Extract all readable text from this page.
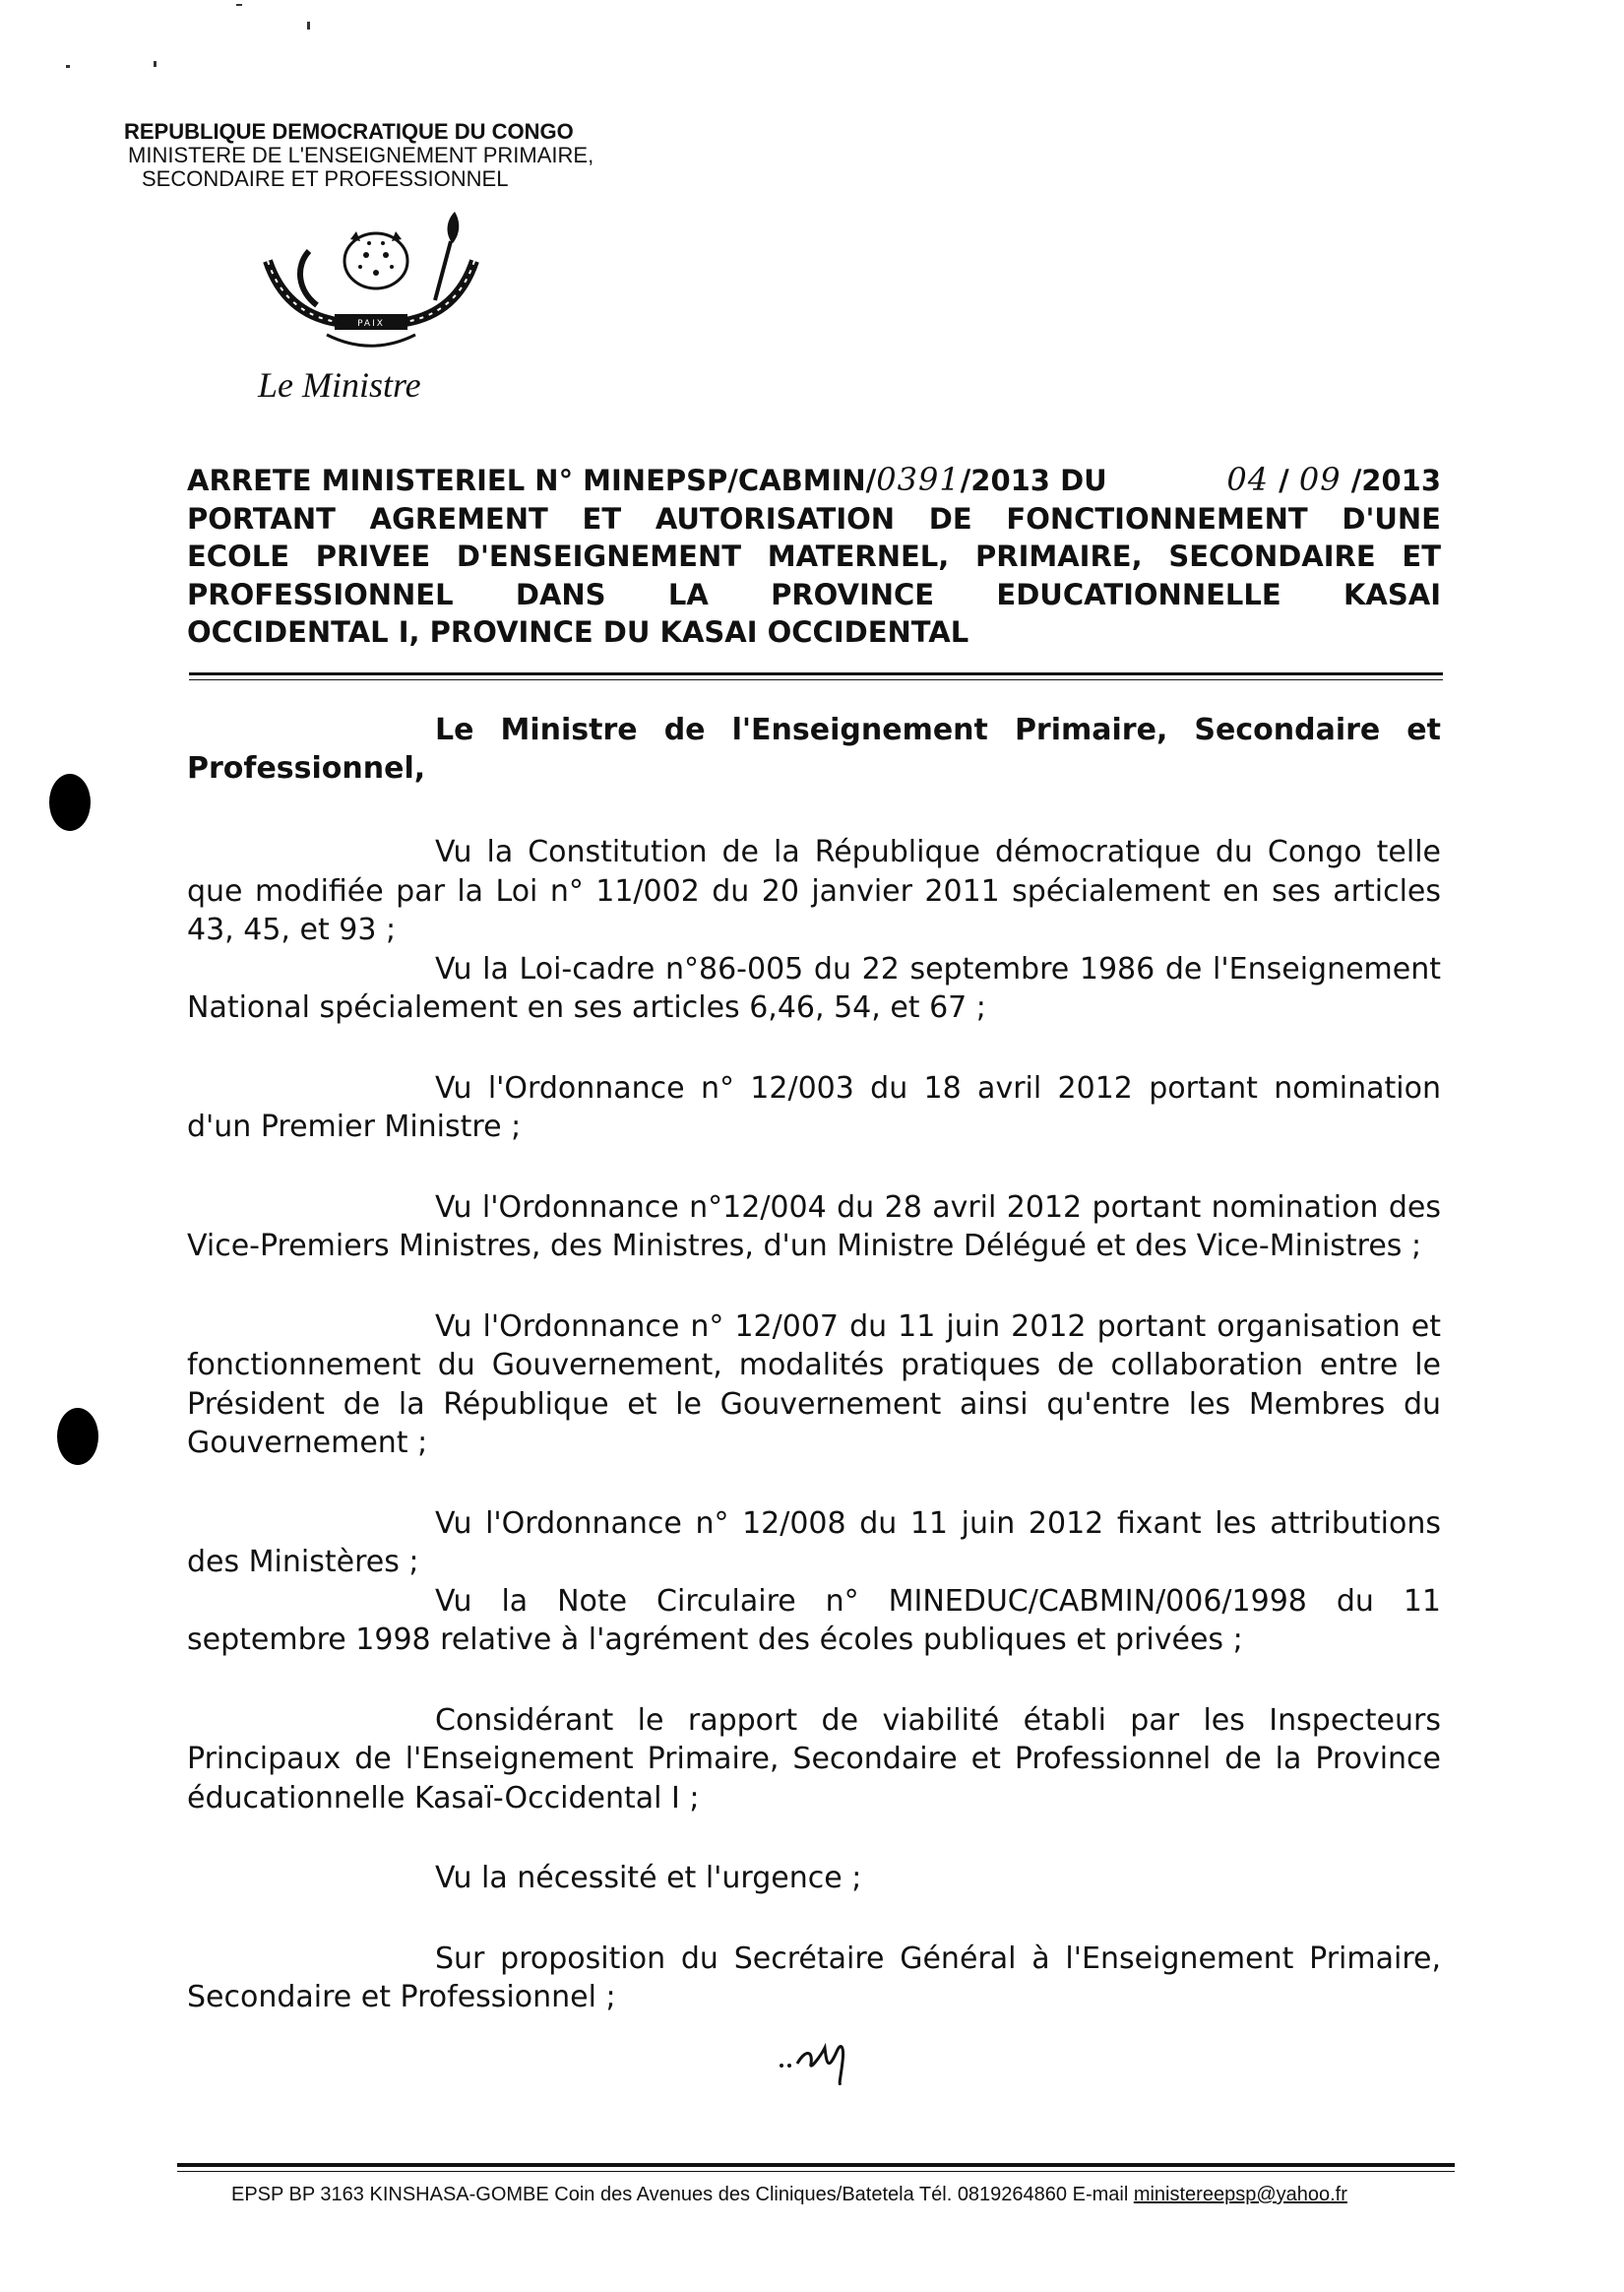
REPUBLIQUE DEMOCRATIQUE DU CONGO
MINISTERE DE L'ENSEIGNEMENT PRIMAIRE,
SECONDAIRE ET PROFESSIONNEL
PAIX
Le Ministre
ARRETE MINISTERIEL N° MINEPSP/CABMIN/0391/2013 DU	04 / 09 /2013
PORTANT AGREMENT ET AUTORISATION DE FONCTIONNEMENT D'UNE
ECOLE PRIVEE D'ENSEIGNEMENT MATERNEL, PRIMAIRE, SECONDAIRE ET
PROFESSIONNEL DANS LA PROVINCE EDUCATIONNELLE KASAI
OCCIDENTAL I, PROVINCE DU KASAI OCCIDENTAL
Le Ministre de l'Enseignement Primaire, Secondaire et
Professionnel,
Vu la Constitution de la République démocratique du Congo telle
que modifiée par la Loi n° 11/002 du 20 janvier 2011 spécialement en ses articles
43, 45, et 93 ;
Vu la Loi-cadre n°86-005 du 22 septembre 1986 de l'Enseignement
National spécialement en ses articles 6,46, 54, et 67 ;
Vu l'Ordonnance n° 12/003 du 18 avril 2012 portant nomination
d'un Premier Ministre ;
Vu l'Ordonnance n°12/004 du 28 avril 2012 portant nomination des
Vice-Premiers Ministres, des Ministres, d'un Ministre Délégué et des Vice-Ministres ;
Vu l'Ordonnance n° 12/007 du 11 juin 2012 portant organisation et
fonctionnement du Gouvernement, modalités pratiques de collaboration entre le
Président de la République et le Gouvernement ainsi qu'entre les Membres du
Gouvernement ;
Vu l'Ordonnance n° 12/008 du 11 juin 2012 fixant les attributions
des Ministères ;
Vu la Note Circulaire n° MINEDUC/CABMIN/006/1998 du 11
septembre 1998 relative à l'agrément des écoles publiques et privées ;
Considérant le rapport de viabilité établi par les Inspecteurs
Principaux de l'Enseignement Primaire, Secondaire et Professionnel de la Province
éducationnelle Kasaï-Occidental I ;
Vu la nécessité et l'urgence ;
Sur proposition du Secrétaire Général à l'Enseignement Primaire,
Secondaire et Professionnel ;
EPSP BP 3163 KINSHASA-GOMBE Coin des Avenues des Cliniques/Batetela Tél. 0819264860 E-mail ministereepsp@yahoo.fr
